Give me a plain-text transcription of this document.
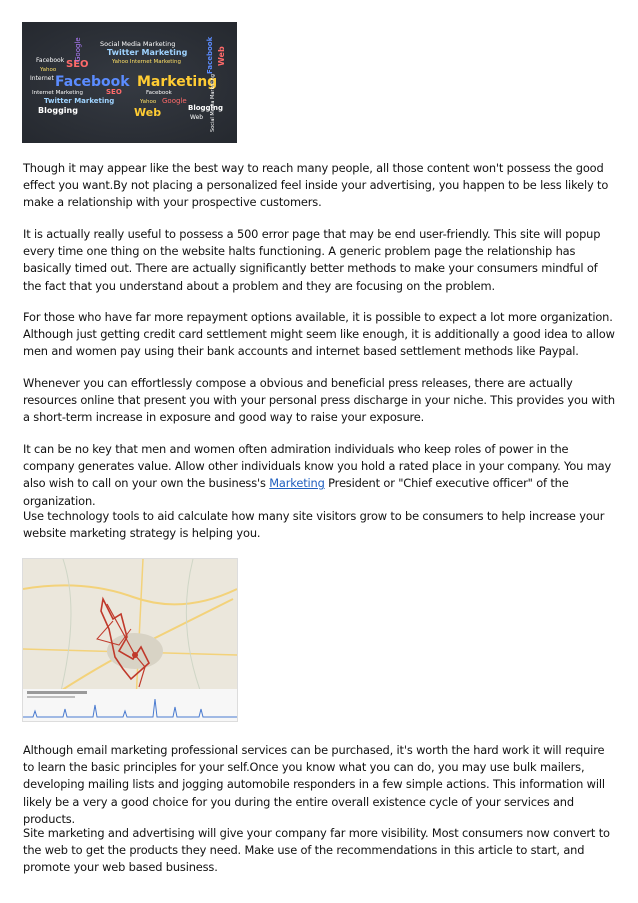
Social Media Marketing
Twitter Marketing
Yahoo Internet Marketing
Facebook SEO
Yahoo
Internet Facebook Marketing
Internet Marketing	SEO	Facebook
Twitter Marketing	Yahoo Google
Blogging	Web	Blogging
Web
Google	Facebook Web
Social Media Marketing

Though it may appear like the best way to reach many people, all those content won't possess the good effect you want.By not placing a personalized feel inside your advertising, you happen to be less likely to make a relationship with your prospective customers.

It is actually really useful to possess a 500 error page that may be end user-friendly. This site will popup every time one thing on the website halts functioning. A generic problem page the relationship has basically timed out. There are actually significantly better methods to make your consumers mindful of the fact that you understand about a problem and they are focusing on the problem.

For those who have far more repayment options available, it is possible to expect a lot more organization. Although just getting credit card settlement might seem like enough, it is additionally a good idea to allow men and women pay using their bank accounts and internet based settlement methods like Paypal.

Whenever you can effortlessly compose a obvious and beneficial press releases, there are actually resources online that present you with your personal press discharge in your niche. This provides you with a short-term increase in exposure and good way to raise your exposure.

It can be no key that men and women often admiration individuals who keep roles of power in the company generates value. Allow other individuals know you hold a rated place in your company. You may also wish to call on your own the business's Marketing President or "Chief executive officer" of the organization.

Use technology tools to aid calculate how many site visitors grow to be consumers to help increase your website marketing strategy is helping you.

Although email marketing professional services can be purchased, it's worth the hard work it will require to learn the basic principles for your self.Once you know what you can do, you may use bulk mailers, developing mailing lists and jogging automobile responders in a few simple actions. This information will likely be a very a good choice for you during the entire overall existence cycle of your services and products.

Site marketing and advertising will give your company far more visibility. Most consumers now convert to the web to get the products they need. Make use of the recommendations in this article to start, and promote your web based business.
